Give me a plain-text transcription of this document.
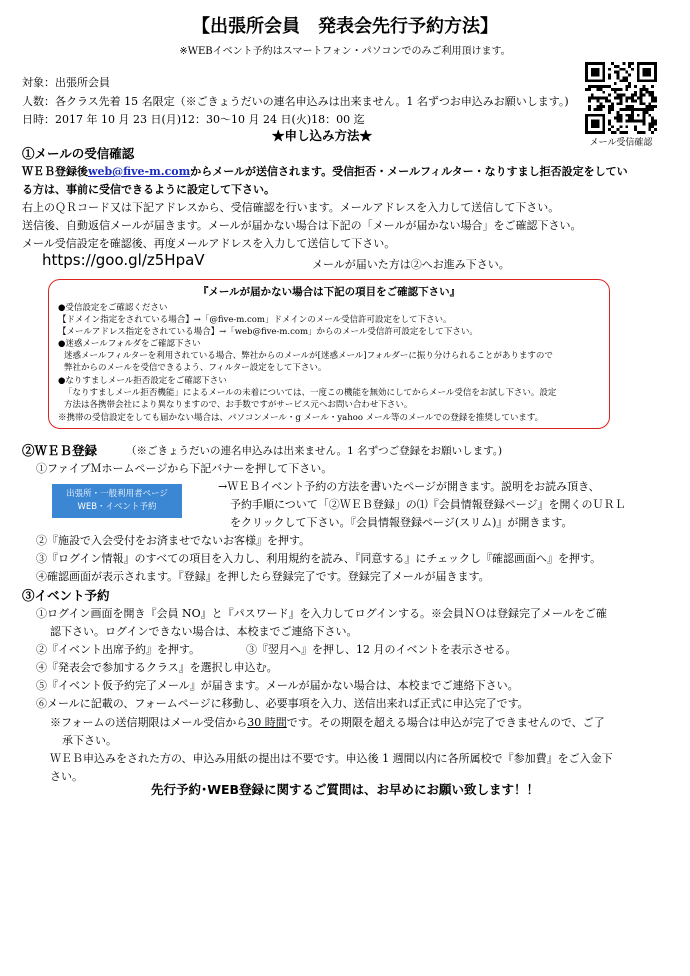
【出張所会員　発表会先行予約方法】
※WEBイベント予約はスマートフォン・パソコンでのみご利用頂けます。
対象：出張所会員
人数：各クラス先着 15 名限定（※ごきょうだいの連名申込みは出来ません。1 名ずつお申込みお願いします。)
日時：2017 年 10 月 23 日(月)12：30〜10 月 24 日(火)18：00 迄
メール受信確認
★申し込み方法★
①メールの受信確認
ＷＥＢ登録後web@five-m.comからメールが送信されます。受信拒否・メールフィルター・なりすまし拒否設定をしてい
る方は、事前に受信できるように設定して下さい。
右上のＱＲコード又は下記アドレスから、受信確認を行います。メールアドレスを入力して送信して下さい。
送信後、自動返信メールが届きます。メールが届かない場合は下記の「メールが届かない場合」をご確認下さい。
メール受信設定を確認後、再度メールアドレスを入力して送信して下さい。
https://goo.gl/z5HpaV	メールが届いた方は②へお進み下さい。
『メールが届かない場合は下記の項目をご確認下さい』
●受信設定をご確認ください
【ドメイン指定をされている場合】→「@five-m.com」ドメインのメール受信許可設定をして下さい。
【メールアドレス指定をされている場合】→「web@five-m.com」からのメール受信許可設定をして下さい。
●迷惑メールフォルダをご確認下さい
迷惑メールフィルターを利用されている場合、弊社からのメールが[迷惑メール]フォルダーに振り分けられることがありますので
弊社からのメールを受信できるよう、フィルター設定をして下さい。
●なりすましメール拒否設定をご確認下さい
「なりすましメール拒否機能」によるメールの未着については、一度この機能を無効にしてからメール受信をお試し下さい。設定
方法は各携帯会社により異なりますので、お手数ですがサービス元へお問い合わせ下さい。
※携帯の受信設定をしても届かない場合は、パソコンメール・g メール・yahoo メール等のメールでの登録を推奨しています。
②ＷＥＢ登録	（※ごきょうだいの連名申込みは出来ません。1 名ずつご登録をお願いします。)
①ファイブＭホームページから下記バナーを押して下さい。
出張所・一般利用者ページ
WEB・イベント予約
→ＷＥＢイベント予約の方法を書いたページが開きます。説明をお読み頂き、
予約手順について「②ＷＥＢ登録」の⑴『会員情報登録ページ』を開くのＵＲＬ
をクリックして下さい。『会員情報登録ページ(スリム)』が開きます。
②『施設で入会受付をお済ませでないお客様』を押す。
③『ログイン情報』のすべての項目を入力し、利用規約を読み、『同意する』にチェックし『確認画面へ』を押す。
④確認画面が表示されます。『登録』を押したら登録完了です。登録完了メールが届きます。
③イベント予約
①ログイン画面を開き『会員 NO』と『パスワード』を入力してログインする。※会員ＮＯは登録完了メールをご確
認下さい。ログインできない場合は、本校までご連絡下さい。
②『イベント出席予約』を押す。	③『翌月へ』を押し、12 月のイベントを表示させる。
④『発表会で参加するクラス』を選択し申込む。
⑤『イベント仮予約完了メール』が届きます。メールが届かない場合は、本校までご連絡下さい。
⑥メールに記載の、フォームページに移動し、必要事項を入力、送信出来れば正式に申込完了です。
※フォームの送信期限はメール受信から30 時間です。その期限を超える場合は申込が完了できませんので、ご了
承下さい。
ＷＥＢ申込みをされた方の、申込み用紙の提出は不要です。申込後 1 週間以内に各所属校で『参加費』をご入金下
さい。
先行予約･WEB登録に関するご質問は、お早めにお願い致します！！
